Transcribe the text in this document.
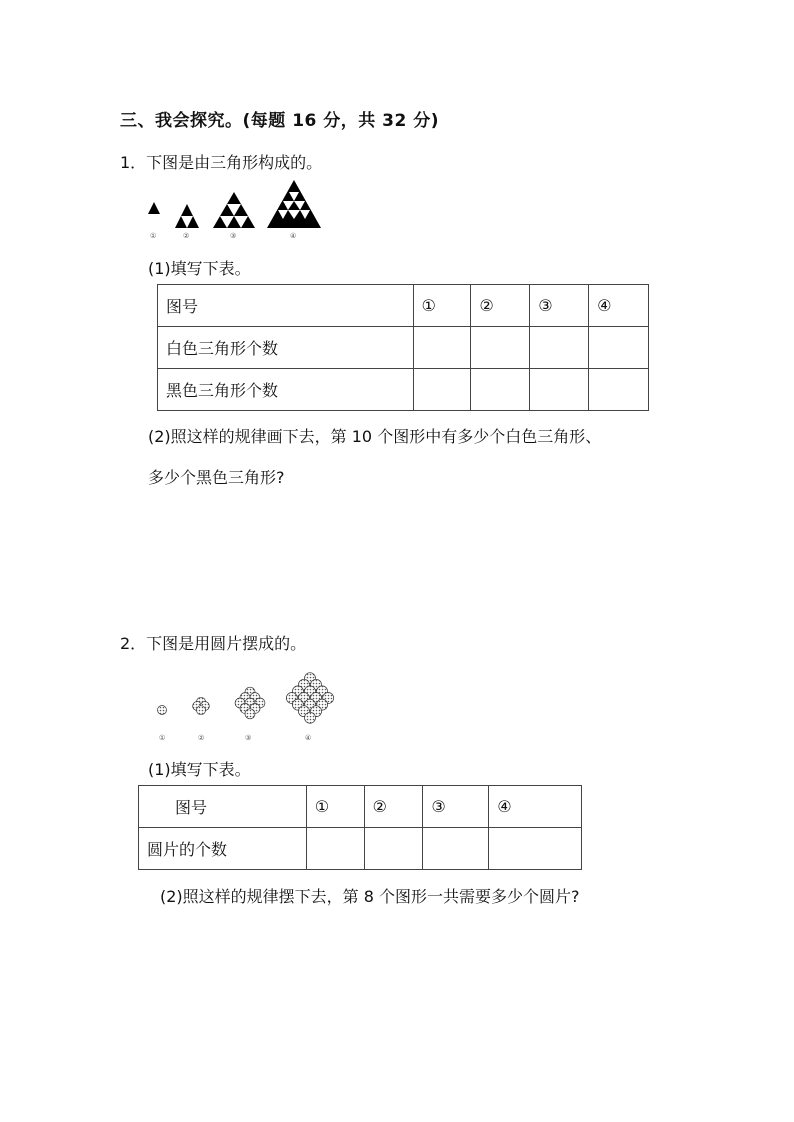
三、我会探究。(每题 16 分，共 32 分)
1．下图是由三角形构成的。
①	②	③	④
(1)填写下表。
图号	①	②	③	④
白色三角形个数				
黑色三角形个数				
(2)照这样的规律画下去，第 10 个图形中有多少个白色三角形、
多少个黑色三角形?
2．下图是用圆片摆成的。
①	②	③	④
(1)填写下表。
图号	①	②	③	④
圆片的个数				
(2)照这样的规律摆下去，第 8 个图形一共需要多少个圆片?
